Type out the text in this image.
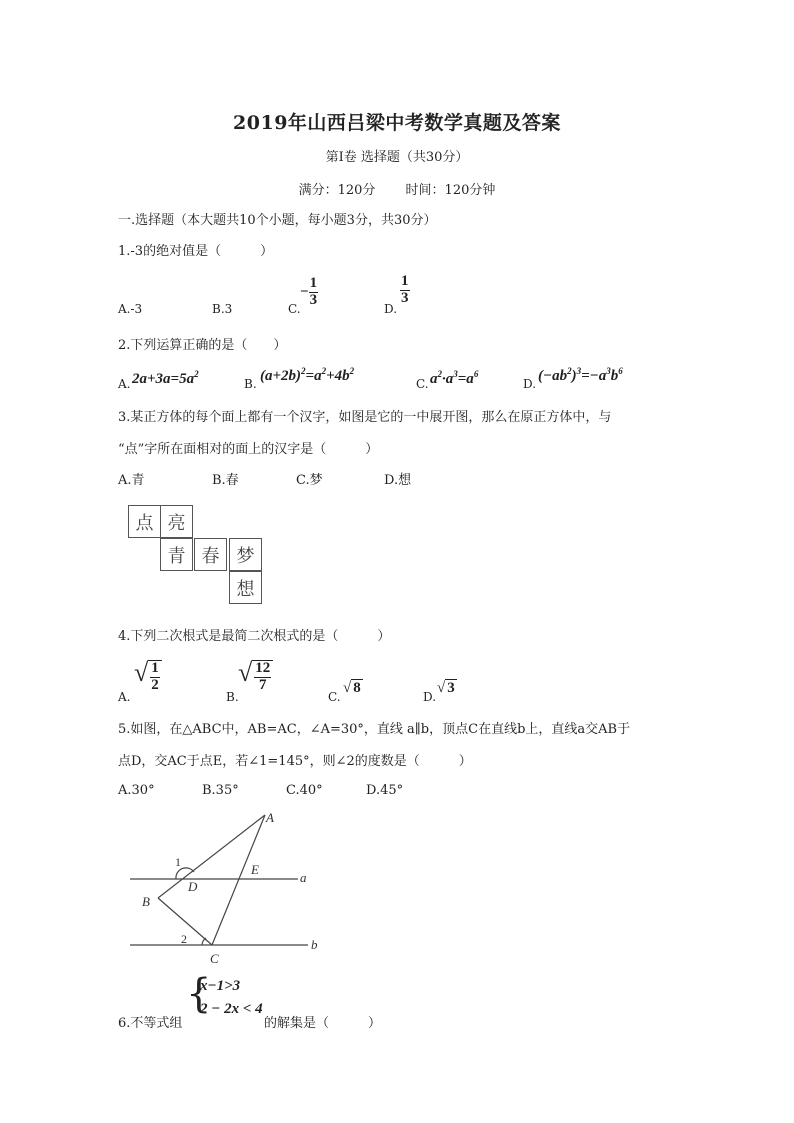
2019年山西吕梁中考数学真题及答案
第Ⅰ卷 选择题（共30分）
满分：120分　　 时间：120分钟
一.选择题（本大题共10个小题，每小题3分，共30分）
1.-3的绝对值是（　　　）
A.-3	B.3	C.
− $\frac{1}{3}$
D.
$\frac{1}{3}$
2.下列运算正确的是（　　）
A. $2a+3a=5a^2$
B. $(a+2b)^2=a^2+4b^2$
C. $a^2\cdot a^3=a^6$
D. $(-ab^2)^3=-a^3b^6$
3.某正方体的每个面上都有一个汉字，如图是它的一中展开图，那么在原正方体中，与
“点”字所在面相对的面上的汉字是（　　　）
A.青	B.春	C.梦	D.想
点 亮
青 春 梦
想
4.下列二次根式是最简二次根式的是（　　　）
A.
√ $\frac{1}{2}$
B.
√ $\frac{12}{7}$
C.
√ 8
D.
√ 3
5.如图，在△ABC中，AB=AC，∠A=30°，直线 a∥b，顶点C在直线b上，直线a交AB于
点D，交AC于点E，若∠1=145°，则∠2的度数是（　　　）
A.30°	B.35°	C.40°	D.45°
A
B
C
D
E
a
b
1
2
6.不等式组
{
x−1>3
2 − 2x < 4
的解集是（　　　）
